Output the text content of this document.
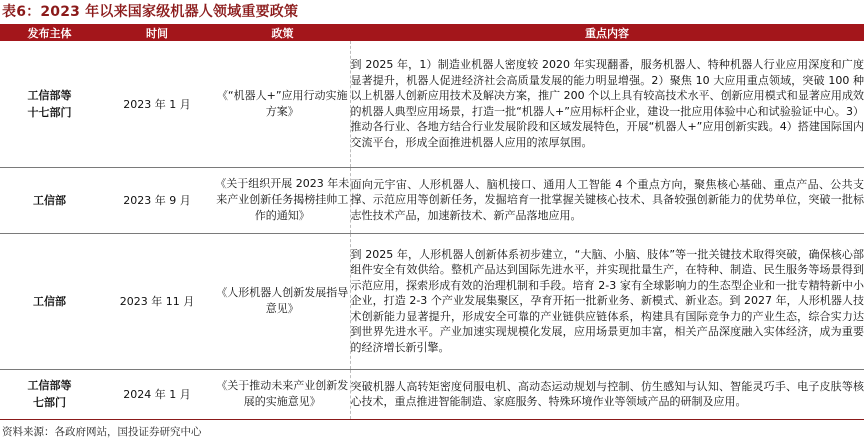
表6：2023 年以来国家级机器人领域重要政策
发布主体	时间	政策	重点内容

工信部等十七部门	2023 年 1 月	《“机器人+”应用行动实施方案》	到 2025 年，1）制造业机器人密度较 2020 年实现翻番，服务机器人、特种机器人行业应用深度和广度显著提升，机器人促进经济社会高质量发展的能力明显增强。2）聚焦 10 大应用重点领域，突破 100 种以上机器人创新应用技术及解决方案，推广 200 个以上具有较高技术水平、创新应用模式和显著应用成效的机器人典型应用场景，打造一批“机器人+”应用标杆企业，建设一批应用体验中心和试验验证中心。3）推动各行业、各地方结合行业发展阶段和区域发展特色，开展“机器人+”应用创新实践。4）搭建国际国内交流平台，形成全面推进机器人应用的浓厚氛围。

工信部	2023 年 9 月	《关于组织开展 2023 年未来产业创新任务揭榜挂帅工作的通知》	面向元宇宙、人形机器人、脑机接口、通用人工智能 4 个重点方向，聚焦核心基础、重点产品、公共支撑、示范应用等创新任务，发掘培育一批掌握关键核心技术、具备较强创新能力的优势单位，突破一批标志性技术产品，加速新技术、新产品落地应用。

工信部	2023 年 11 月	《人形机器人创新发展指导意见》	到 2025 年，人形机器人创新体系初步建立，“大脑、小脑、肢体”等一批关键技术取得突破，确保核心部组件安全有效供给。整机产品达到国际先进水平，并实现批量生产，在特种、制造、民生服务等场景得到示范应用，探索形成有效的治理机制和手段。培育 2-3 家有全球影响力的生态型企业和一批专精特新中小企业，打造 2-3 个产业发展集聚区，孕育开拓一批新业务、新模式、新业态。到 2027 年，人形机器人技术创新能力显著提升，形成安全可靠的产业链供应链体系，构建具有国际竞争力的产业生态，综合实力达到世界先进水平。产业加速实现规模化发展，应用场景更加丰富，相关产品深度融入实体经济，成为重要的经济增长新引擎。

工信部等七部门	2024 年 1 月	《关于推动未来产业创新发展的实施意见》	突破机器人高转矩密度伺服电机、高动态运动规划与控制、仿生感知与认知、智能灵巧手、电子皮肤等核心技术，重点推进智能制造、家庭服务、特殊环境作业等领域产品的研制及应用。
资料来源：各政府网站，国投证券研究中心
